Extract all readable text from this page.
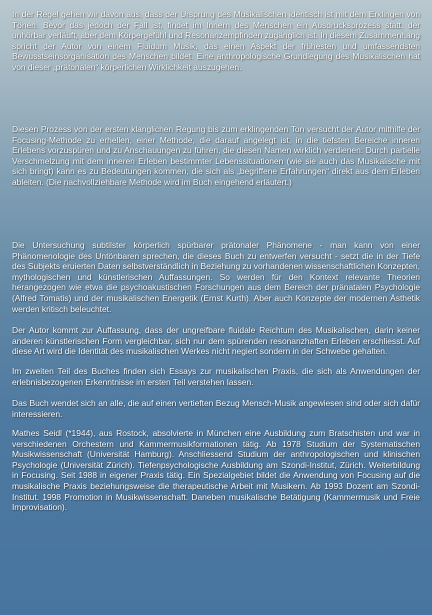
In der Regel gehen wir davon aus, dass der Ursprung des Musikalischen identisch ist mit dem Erklingen von Tönen. Bevor das jedoch der Fall ist, findet im Innern des Menschen ein Ausdrucksprozess statt, der unhörbar verläuft, aber dem Körpergefühl und Resonanzempfinden zugänglich ist. In diesem Zusammenhang spricht der Autor von einem Fluidum Musik, das einen Aspekt der frühesten und umfassendsten Bewusstseinsorganisation des Menschen bildet. Eine anthropologische Grundlegung des Musikalischen hat von dieser „prätonalen“ körperlichen Wirklichkeit auszugehen.

Diesen Prozess von der ersten klanglichen Regung bis zum erklingenden Ton versucht der Autor mithilfe der Focusing-Methode zu erhellen, einer Methode, die darauf angelegt ist, in die tiefsten Bereiche inneren Erlebens vorzuspüren und zu Anschauungen zu führen, die diesen Namen wirklich verdienen: Durch partielle Verschmelzung mit dem inneren Erleben bestimmter Lebenssituationen (wie sie auch das Musikalische mit sich bringt) kann es zu Bedeutungen kommen, die sich als „begriffene Erfahrungen“ direkt aus dem Erleben ableiten. (Die nachvollziehbare Methode wird im Buch eingehend erläutert.)

Die Untersuchung subtilster körperlich spürbarer prätonaler Phänomene - man kann von einer Phänomenologie des Untönbaren sprechen, die dieses Buch zu entwerfen versucht - setzt die in der Tiefe des Subjekts eruierten Daten selbstverständlich in Beziehung zu vorhandenen wissenschaftlichen Konzepten, mythologischen und künstlerischen Auffassungen. So werden für den Kontext relevante Theorien herangezogen wie etwa die psychoakustischen Forschungen aus dem Bereich der pränatalen Psychologie (Alfred Tomatis) und der musikalischen Energetik (Ernst Kurth). Aber auch Konzepte der modernen Ästhetik werden kritisch beleuchtet.

Der Autor kommt zur Auffassung, dass der ungreifbare fluidale Reichtum des Musikalischen, darin keiner anderen künstlerischen Form vergleichbar, sich nur dem spürenden resonanzhaften Erleben erschliesst. Auf diese Art wird die Identität des musikalischen Werkes nicht negiert sondern in der Schwebe gehalten.

Im zweiten Teil des Buches finden sich Essays zur musikalischen Praxis, die sich als Anwendungen der erlebnisbezogenen Erkenntnisse im ersten Teil verstehen lassen.

Das Buch wendet sich an alle, die auf einen vertieften Bezug Mensch-Musik angewiesen sind oder sich dafür interessieren.

Mathes Seidl (*1944), aus Rostock, absolvierte in München eine Ausbildung zum Bratschisten und war in verschiedenen Orchestern und Kammermusikformationen tätig. Ab 1978 Studium der Systematischen Musikwissenschaft (Universität Hamburg). Anschliessend Studium der anthropologischen und klinischen Psychologie (Universität Zürich). Tiefenpsychologische Ausbildung am Szondi-Institut, Zürich. Weiterbildung in Focusing. Seit 1988 in eigener Praxis tätig. Ein Spezialgebiet bildet die Anwendung von Focusing auf die musikalische Praxis beziehungsweise die therapeutische Arbeit mit Musikern. Ab 1993 Dozent am Szondi-Institut. 1998 Promotion in Musikwissenschaft. Daneben musikalische Betätigung (Kammermusik und Freie Improvisation).
